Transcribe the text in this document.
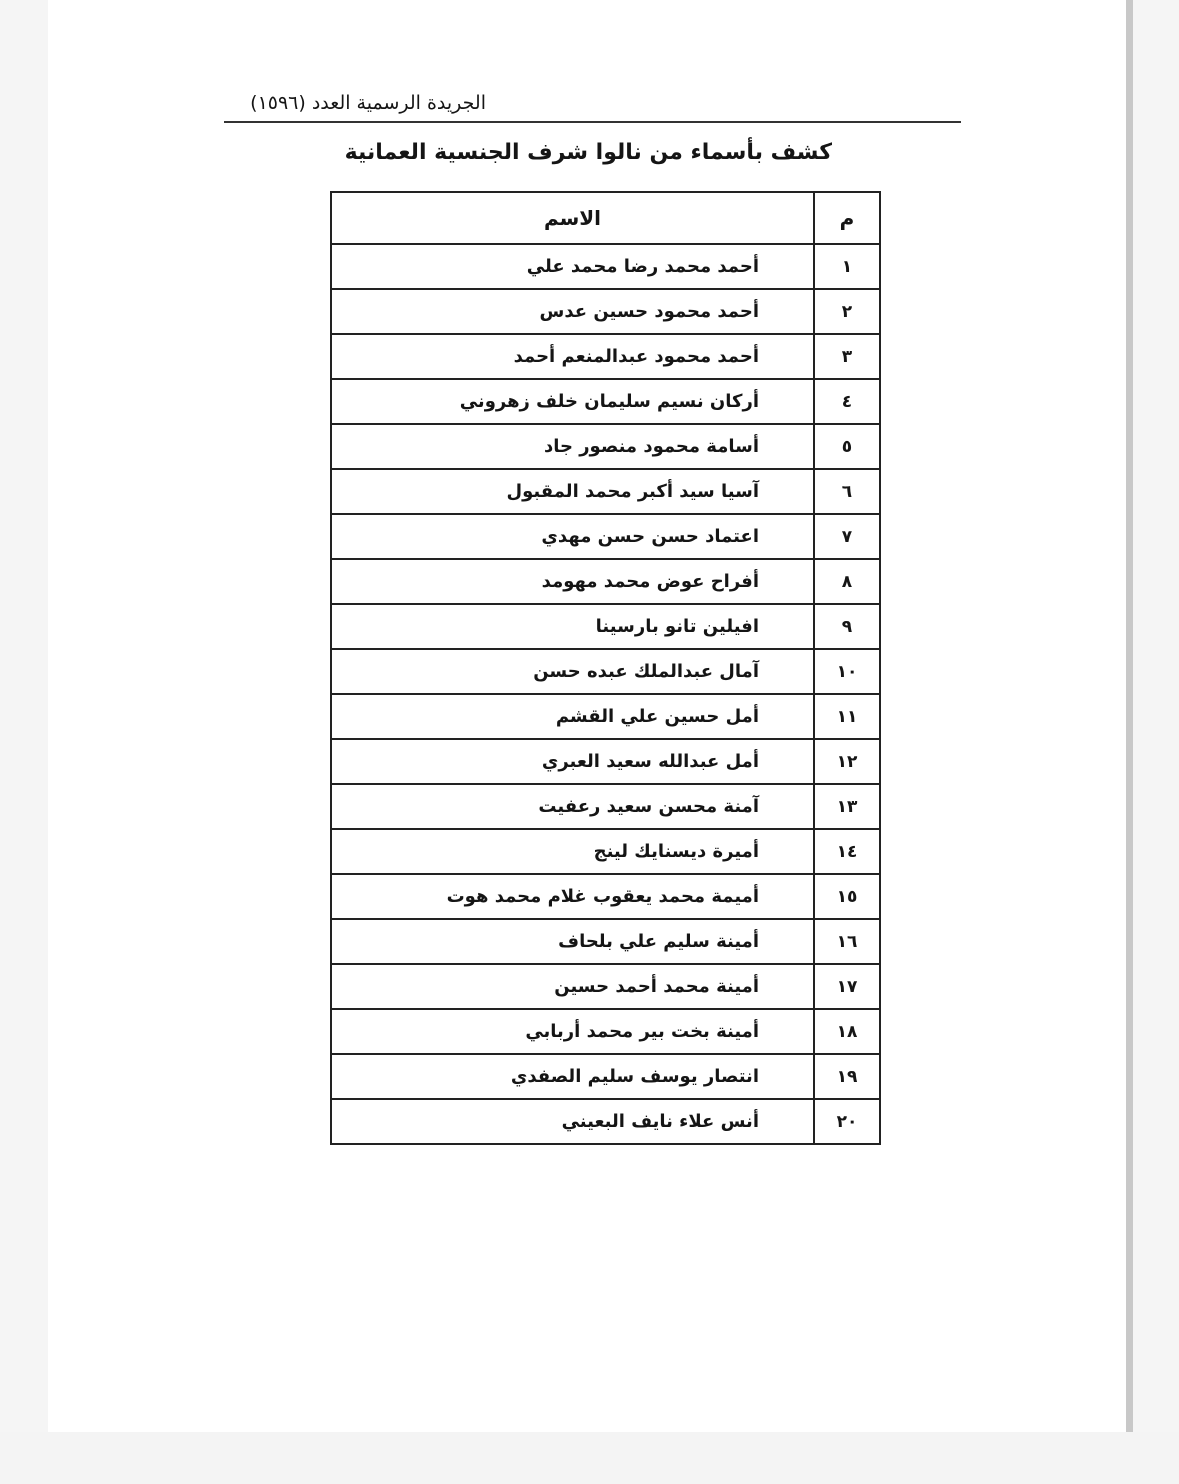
الجريدة الرسمية العدد (١٥٩٦)
كشف بأسماء من نالوا شرف الجنسية العمانية
م	الاسم
١	أحمد محمد رضا محمد علي
٢	أحمد محمود حسين عدس
٣	أحمد محمود عبدالمنعم أحمد
٤	أركان نسيم سليمان خلف زهروني
٥	أسامة محمود منصور جاد
٦	آسيا سيد أكبر محمد المقبول
٧	اعتماد حسن حسن مهدي
٨	أفراح عوض محمد مهومد
٩	افيلين تانو بارسينا
١٠	آمال عبدالملك عبده حسن
١١	أمل حسين علي القشم
١٢	أمل عبدالله سعيد العبري
١٣	آمنة محسن سعيد رعفيت
١٤	أميرة ديسنايك لينج
١٥	أميمة محمد يعقوب غلام محمد هوت
١٦	أمينة سليم علي بلحاف
١٧	أمينة محمد أحمد حسين
١٨	أمينة بخت بير محمد أربابي
١٩	انتصار يوسف سليم الصفدي
٢٠	أنس علاء نايف البعيني
